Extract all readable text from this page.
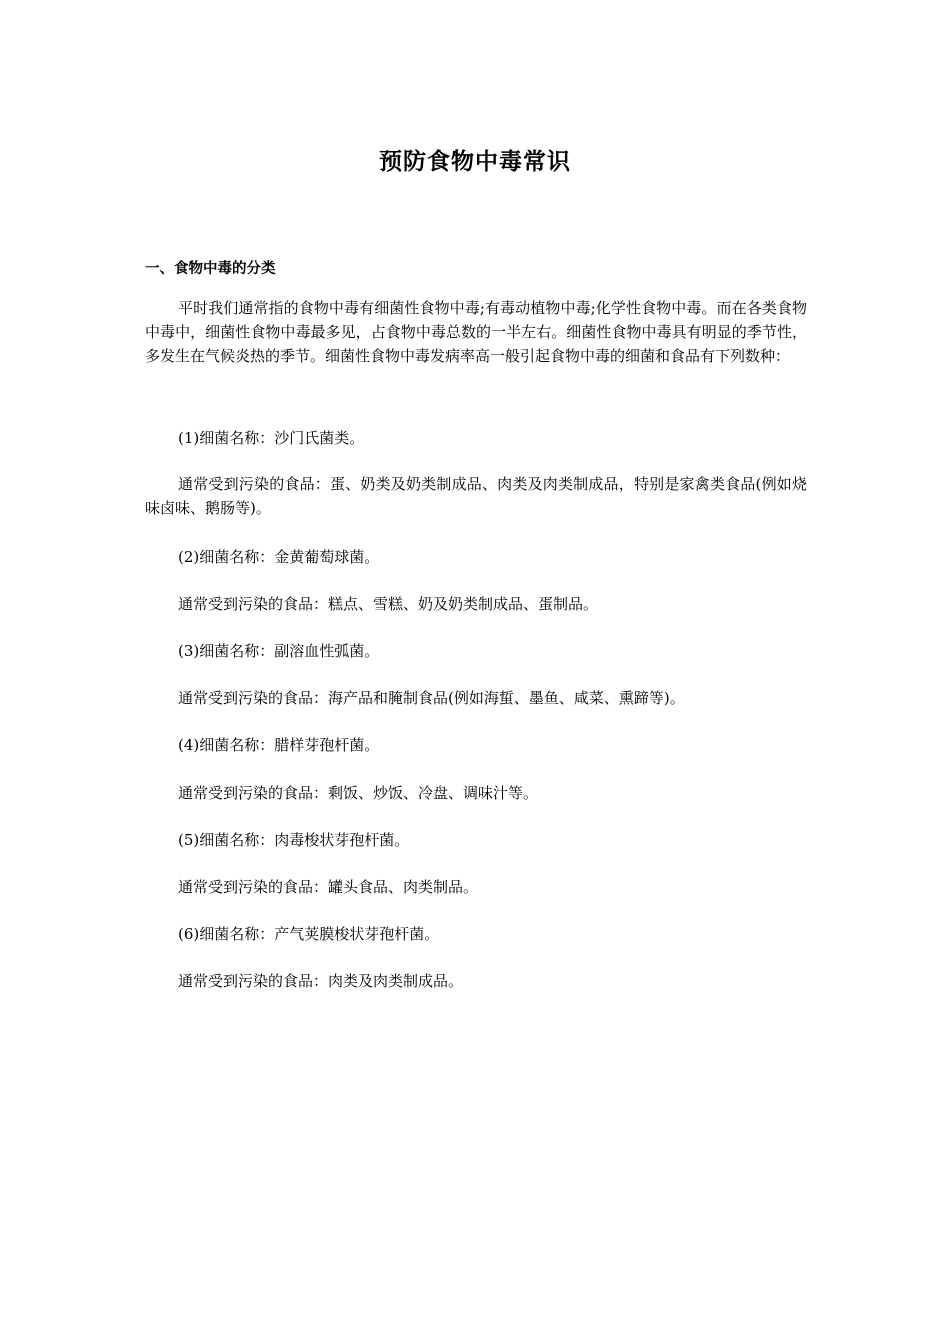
预防食物中毒常识
一、食物中毒的分类

平时我们通常指的食物中毒有细菌性食物中毒;有毒动植物中毒;化学性食物中毒。而在各类食物中毒中，细菌性食物中毒最多见，占食物中毒总数的一半左右。细菌性食物中毒具有明显的季节性，多发生在气候炎热的季节。细菌性食物中毒发病率高一般引起食物中毒的细菌和食品有下列数种：

(1)细菌名称：沙门氏菌类。

通常受到污染的食品：蛋、奶类及奶类制成品、肉类及肉类制成品，特别是家禽类食品(例如烧味卤味、鹅肠等)。

(2)细菌名称：金黄葡萄球菌。

通常受到污染的食品：糕点、雪糕、奶及奶类制成品、蛋制品。

(3)细菌名称：副溶血性弧菌。

通常受到污染的食品：海产品和腌制食品(例如海蜇、墨鱼、咸菜、熏蹄等)。

(4)细菌名称：腊样芽孢杆菌。

通常受到污染的食品：剩饭、炒饭、冷盘、调味汁等。

(5)细菌名称：肉毒梭状芽孢杆菌。

通常受到污染的食品：罐头食品、肉类制品。

(6)细菌名称：产气荚膜梭状芽孢杆菌。

通常受到污染的食品：肉类及肉类制成品。
